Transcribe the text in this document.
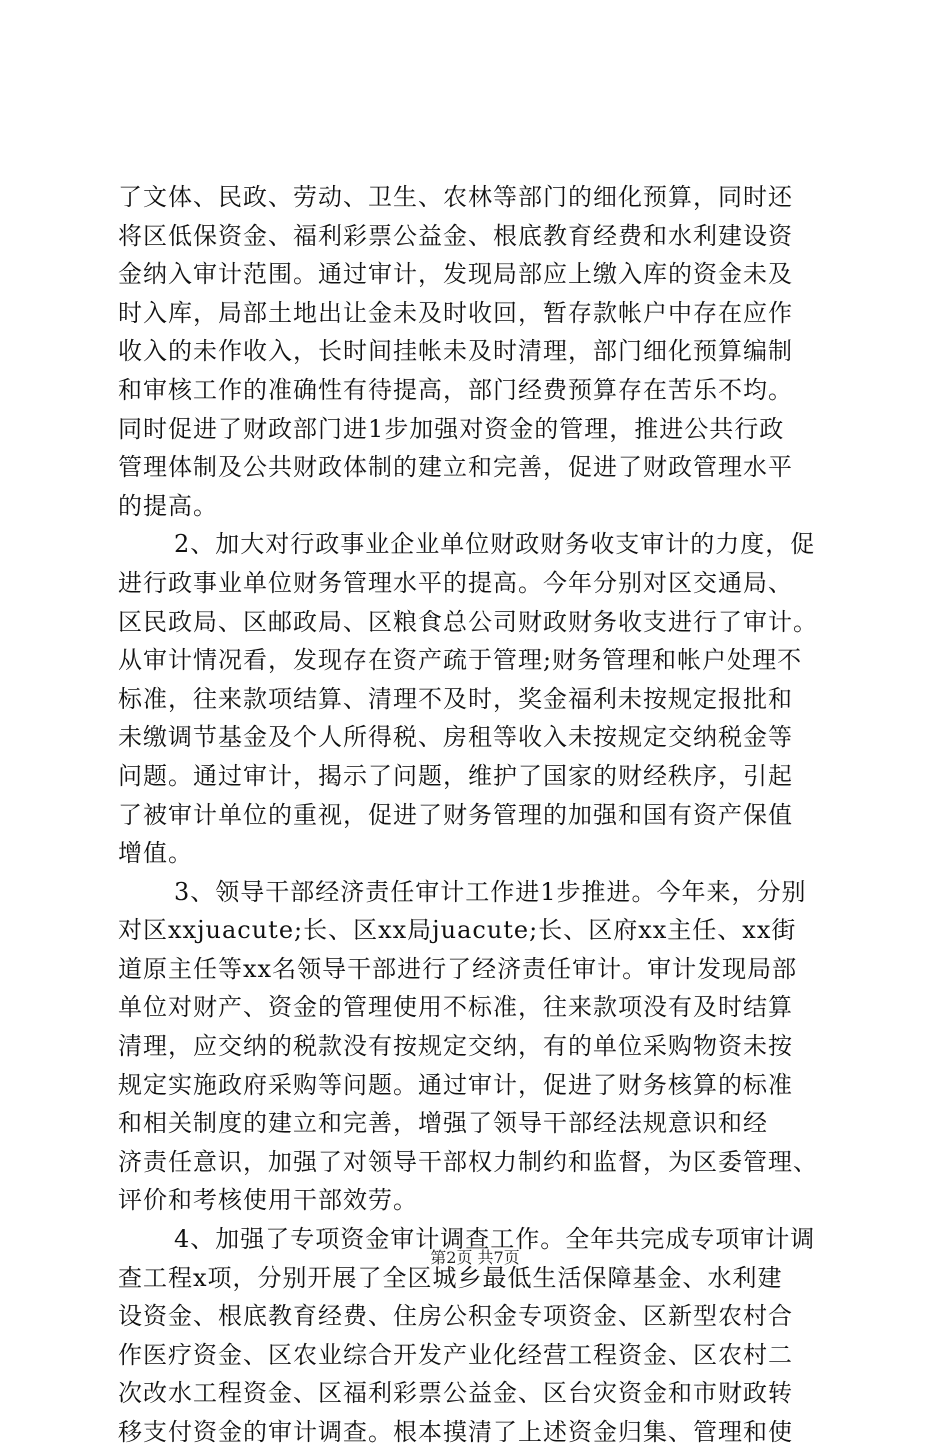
了文体、民政、劳动、卫生、农林等部门的细化预算，同时还
将区低保资金、福利彩票公益金、根底教育经费和水利建设资
金纳入审计范围。通过审计，发现局部应上缴入库的资金未及
时入库，局部土地出让金未及时收回，暂存款帐户中存在应作
收入的未作收入，长时间挂帐未及时清理，部门细化预算编制
和审核工作的准确性有待提高，部门经费预算存在苦乐不均。
同时促进了财政部门进1步加强对资金的管理，推进公共行政
管理体制及公共财政体制的建立和完善，促进了财政管理水平
的提高。
2、加大对行政事业企业单位财政财务收支审计的力度，促
进行政事业单位财务管理水平的提高。今年分别对区交通局、
区民政局、区邮政局、区粮食总公司财政财务收支进行了审计。
从审计情况看，发现存在资产疏于管理;财务管理和帐户处理不
标准，往来款项结算、清理不及时，奖金福利未按规定报批和
未缴调节基金及个人所得税、房租等收入未按规定交纳税金等
问题。通过审计，揭示了问题，维护了国家的财经秩序，引起
了被审计单位的重视，促进了财务管理的加强和国有资产保值
增值。
3、领导干部经济责任审计工作进1步推进。今年来，分别
对区xxjuacute;长、区xx局juacute;长、区府xx主任、xx街
道原主任等xx名领导干部进行了经济责任审计。审计发现局部
单位对财产、资金的管理使用不标准，往来款项没有及时结算
清理，应交纳的税款没有按规定交纳，有的单位采购物资未按
规定实施政府采购等问题。通过审计，促进了财务核算的标准
和相关制度的建立和完善，增强了领导干部经法规意识和经
济责任意识，加强了对领导干部权力制约和监督，为区委管理、
评价和考核使用干部效劳。
4、加强了专项资金审计调查工作。全年共完成专项审计调
查工程x项，分别开展了全区城乡最低生活保障基金、水利建
设资金、根底教育经费、住房公积金专项资金、区新型农村合
作医疗资金、区农业综合开发产业化经营工程资金、区农村二
次改水工程资金、区福利彩票公益金、区台灾资金和市财政转
移支付资金的审计调查。根本摸清了上述资金归集、管理和使
第2页 共7页
